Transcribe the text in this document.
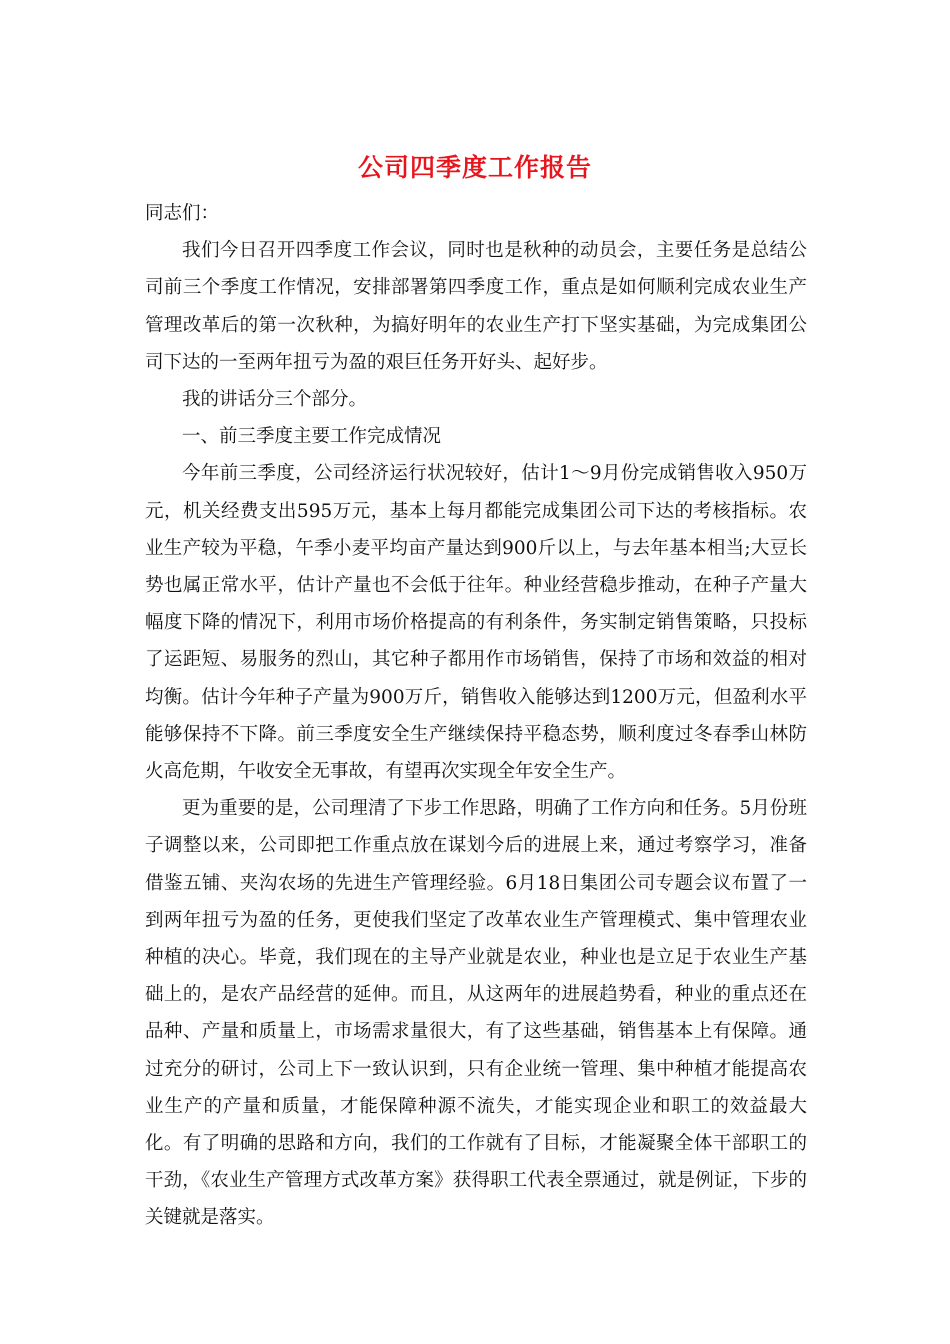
公司四季度工作报告

同志们：

我们今日召开四季度工作会议，同时也是秋种的动员会，主要任务是总结公司前三个季度工作情况，安排部署第四季度工作，重点是如何顺利完成农业生产管理改革后的第一次秋种，为搞好明年的农业生产打下坚实基础，为完成集团公司下达的一至两年扭亏为盈的艰巨任务开好头、起好步。

我的讲话分三个部分。

一、前三季度主要工作完成情况

今年前三季度，公司经济运行状况较好，估计1～9月份完成销售收入950万元，机关经费支出595万元，基本上每月都能完成集团公司下达的考核指标。农业生产较为平稳，午季小麦平均亩产量达到900斤以上，与去年基本相当;大豆长势也属正常水平，估计产量也不会低于往年。种业经营稳步推动，在种子产量大幅度下降的情况下，利用市场价格提高的有利条件，务实制定销售策略，只投标了运距短、易服务的烈山，其它种子都用作市场销售，保持了市场和效益的相对均衡。估计今年种子产量为900万斤，销售收入能够达到1200万元，但盈利水平能够保持不下降。前三季度安全生产继续保持平稳态势，顺利度过冬春季山林防火高危期，午收安全无事故，有望再次实现全年安全生产。

更为重要的是，公司理清了下步工作思路，明确了工作方向和任务。5月份班子调整以来，公司即把工作重点放在谋划今后的进展上来，通过考察学习，准备借鉴五铺、夹沟农场的先进生产管理经验。6月18日集团公司专题会议布置了一到两年扭亏为盈的任务，更使我们坚定了改革农业生产管理模式、集中管理农业种植的决心。毕竟，我们现在的主导产业就是农业，种业也是立足于农业生产基础上的，是农产品经营的延伸。而且，从这两年的进展趋势看，种业的重点还在品种、产量和质量上，市场需求量很大，有了这些基础，销售基本上有保障。通过充分的研讨，公司上下一致认识到，只有企业统一管理、集中种植才能提高农业生产的产量和质量，才能保障种源不流失，才能实现企业和职工的效益最大化。有了明确的思路和方向，我们的工作就有了目标，才能凝聚全体干部职工的干劲，《农业生产管理方式改革方案》获得职工代表全票通过，就是例证，下步的关键就是落实。
